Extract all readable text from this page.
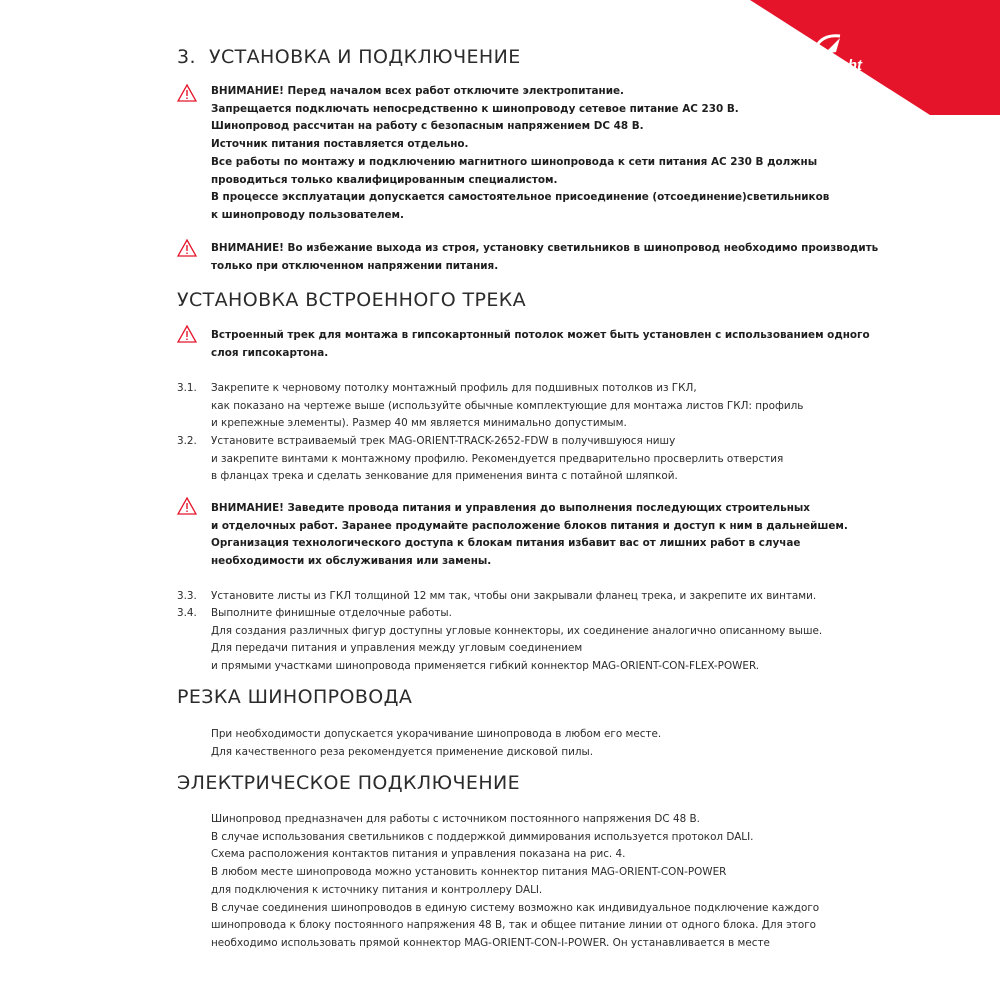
arlight
3. УСТАНОВКА И ПОДКЛЮЧЕНИЕ
ВНИМАНИЕ! Перед началом всех работ отключите электропитание.
Запрещается подключать непосредственно к шинопроводу сетевое питание AC 230 В.
Шинопровод рассчитан на работу с безопасным напряжением DC 48 В.
Источник питания поставляется отдельно.
Все работы по монтажу и подключению магнитного шинопровода к сети питания AC 230 В должны
проводиться только квалифицированным специалистом.
В процессе эксплуатации допускается самостоятельное присоединение (отсоединение)светильников
к шинопроводу пользователем.
ВНИМАНИЕ! Во избежание выхода из строя, установку светильников в шинопровод необходимо производить
только при отключенном напряжении питания.
УСТАНОВКА ВСТРОЕННОГО ТРЕКА
Встроенный трек для монтажа в гипсокартонный потолок может быть установлен с использованием одного
слоя гипсокартона.
3.1. Закрепите к черновому потолку монтажный профиль для подшивных потолков из ГКЛ,
как показано на чертеже выше (используйте обычные комплектующие для монтажа листов ГКЛ: профиль
и крепежные элементы). Размер 40 мм является минимально допустимым.
3.2. Установите встраиваемый трек MAG-ORIENT-TRACK-2652-FDW в получившуюся нишу
и закрепите винтами к монтажному профилю. Рекомендуется предварительно просверлить отверстия
в фланцах трека и сделать зенкование для применения винта с потайной шляпкой.
ВНИМАНИЕ! Заведите провода питания и управления до выполнения последующих строительных
и отделочных работ. Заранее продумайте расположение блоков питания и доступ к ним в дальнейшем.
Организация технологического доступа к блокам питания избавит вас от лишних работ в случае
необходимости их обслуживания или замены.
3.3. Установите листы из ГКЛ толщиной 12 мм так, чтобы они закрывали фланец трека, и закрепите их винтами.
3.4. Выполните финишные отделочные работы.
Для создания различных фигур доступны угловые коннекторы, их соединение аналогично описанному выше.
Для передачи питания и управления между угловым соединением
и прямыми участками шинопровода применяется гибкий коннектор MAG-ORIENT-CON-FLEX-POWER.
РЕЗКА ШИНОПРОВОДА
При необходимости допускается укорачивание шинопровода в любом его месте.
Для качественного реза рекомендуется применение дисковой пилы.
ЭЛЕКТРИЧЕСКОЕ ПОДКЛЮЧЕНИЕ
Шинопровод предназначен для работы с источником постоянного напряжения DC 48 В.
В случае использования светильников с поддержкой диммирования используется протокол DALI.
Схема расположения контактов питания и управления показана на рис. 4.
В любом месте шинопровода можно установить коннектор питания MAG-ORIENT-CON-POWER
для подключения к источнику питания и контроллеру DALI.
В случае соединения шинопроводов в единую систему возможно как индивидуальное подключение каждого
шинопровода к блоку постоянного напряжения 48 В, так и общее питание линии от одного блока. Для этого
необходимо использовать прямой коннектор MAG-ORIENT-CON-I-POWER. Он устанавливается в месте
